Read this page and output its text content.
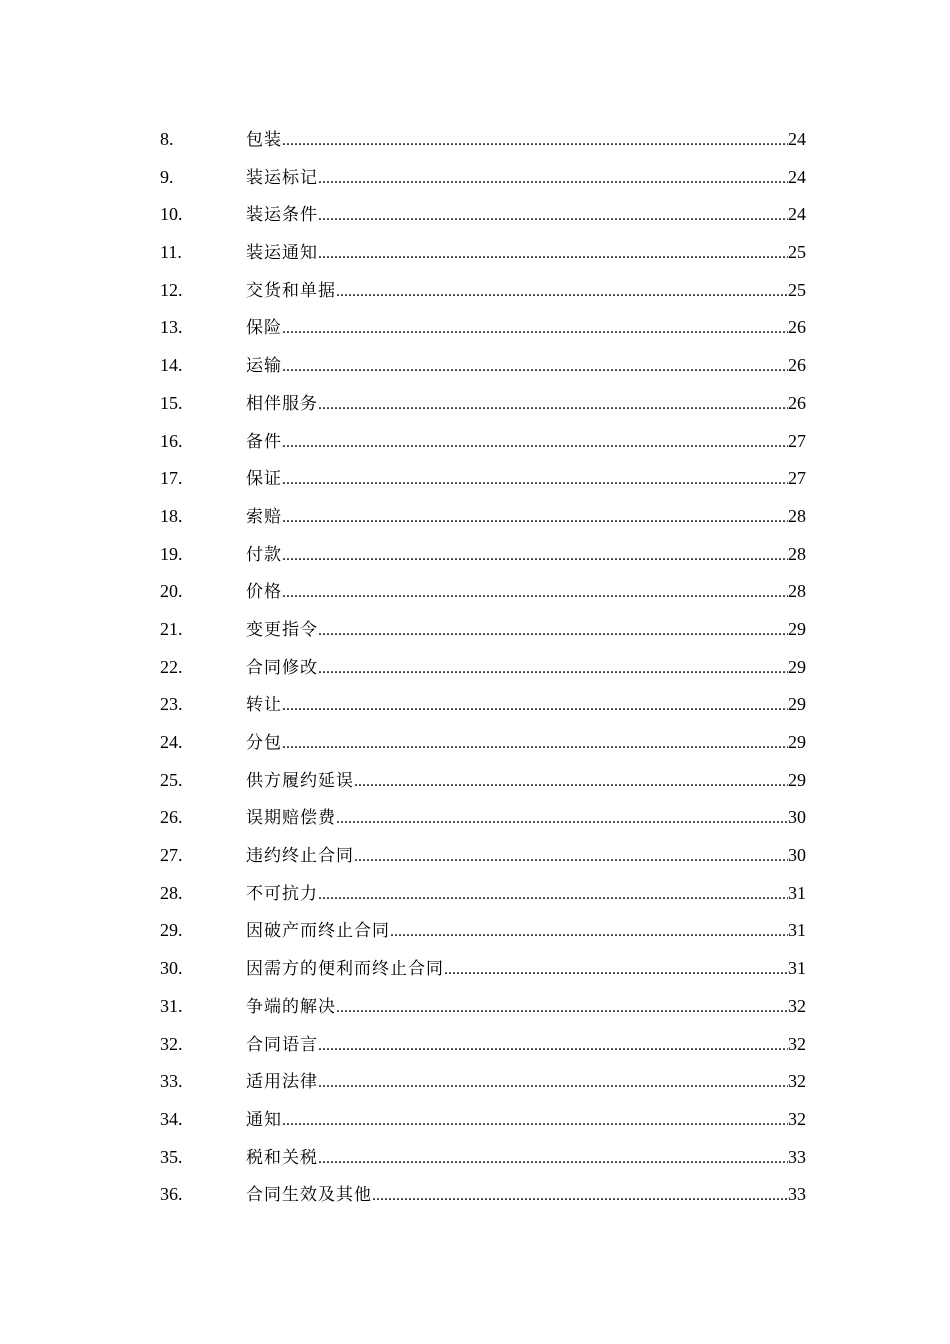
8.	包装 .....	24
9.	装运标记 .....	24
10.	装运条件 .....	24
11.	装运通知 .....	25
12.	交货和单据 .....	25
13.	保险 .....	26
14.	运输 .....	26
15.	相伴服务 .....	26
16.	备件 .....	27
17.	保证 .....	27
18.	索赔 .....	28
19.	付款 .....	28
20.	价格 .....	28
21.	变更指令 .....	29
22.	合同修改 .....	29
23.	转让 .....	29
24.	分包 .....	29
25.	供方履约延误 .....	29
26.	误期赔偿费 .....	30
27.	违约终止合同 .....	30
28.	不可抗力 .....	31
29.	因破产而终止合同 .....	31
30.	因需方的便利而终止合同 .....	31
31.	争端的解决 .....	32
32.	合同语言 .....	32
33.	适用法律 .....	32
34.	通知 .....	32
35.	税和关税 .....	33
36.	合同生效及其他 .....	33
